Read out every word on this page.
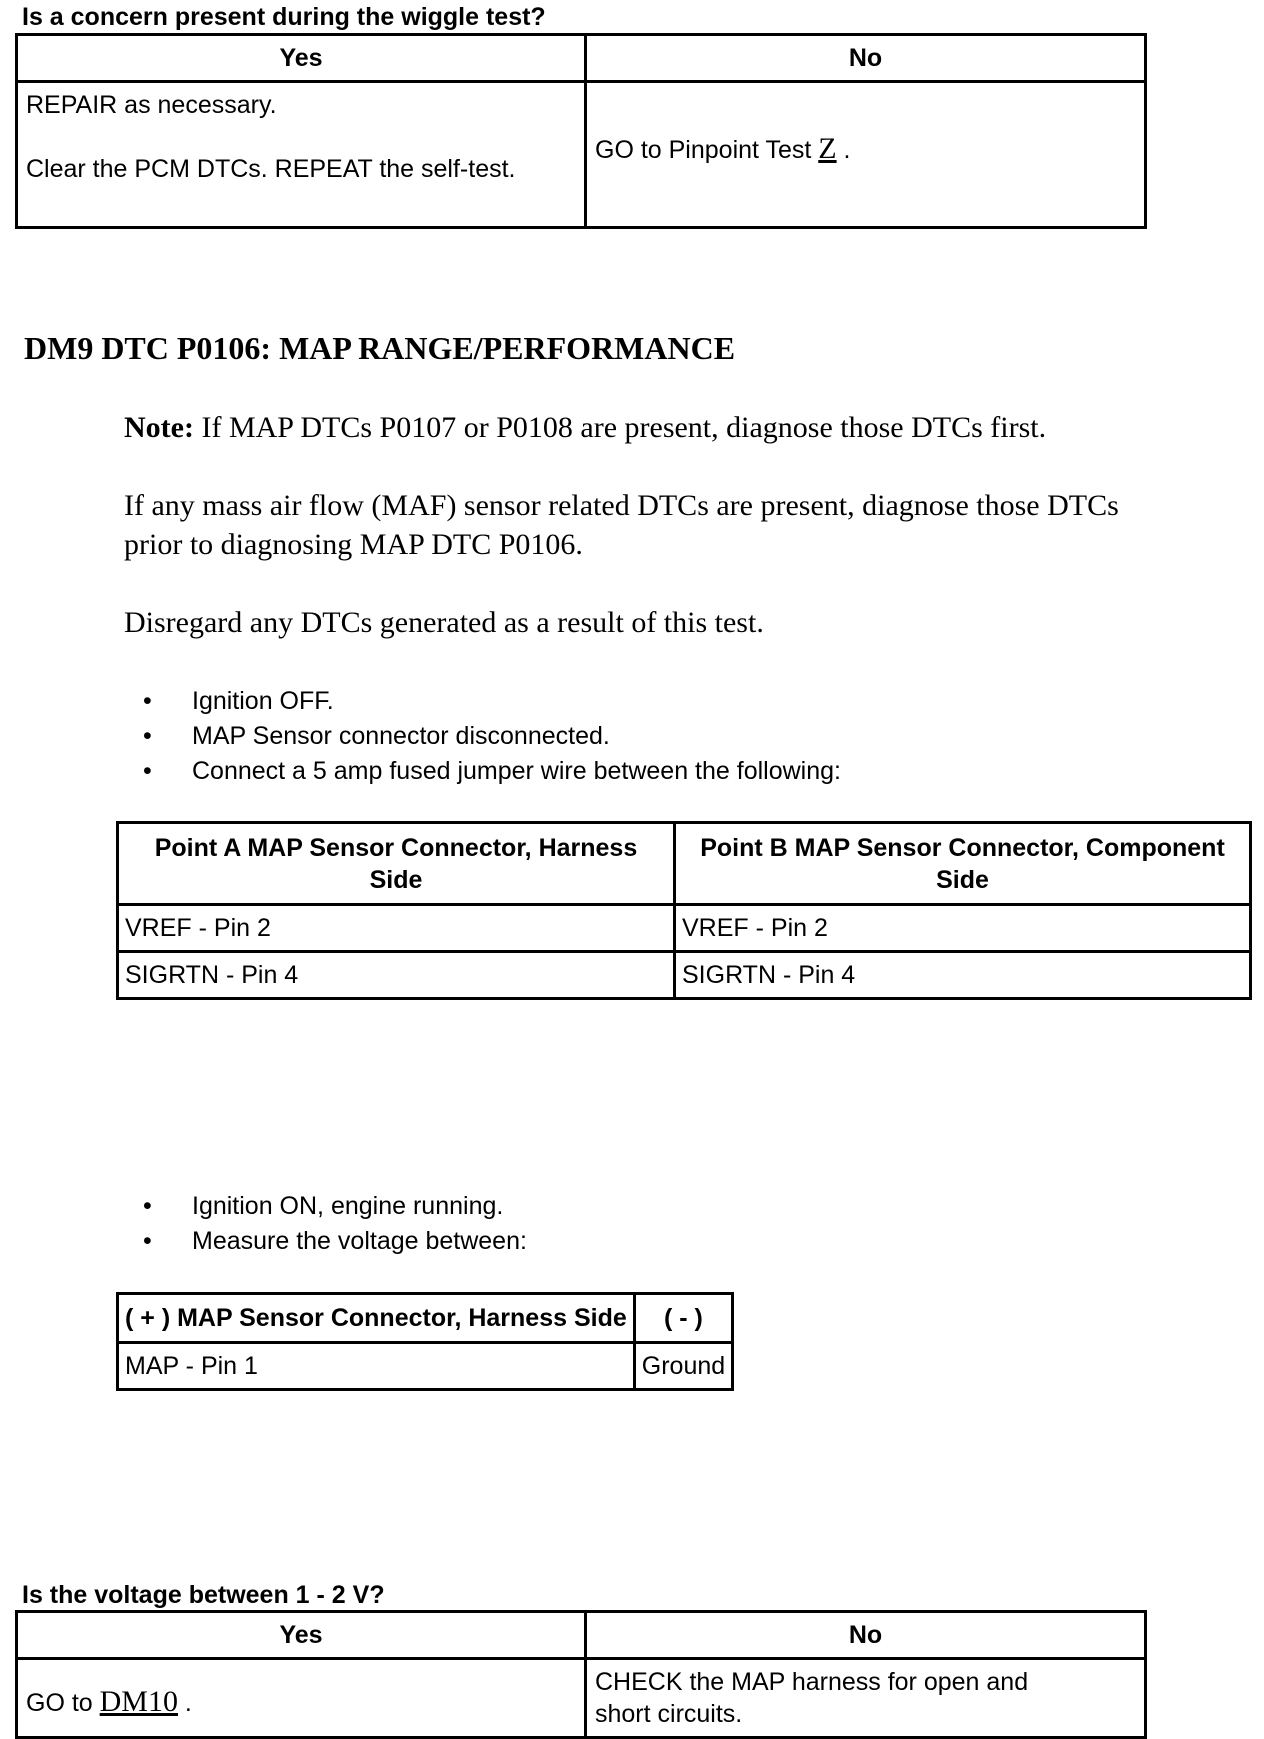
Is a concern present during the wiggle test?
Yes	No

REPAIR as necessary.

Clear the PCM DTCs. REPEAT the self-test.	GO to Pinpoint Test Z .
DM9 DTC P0106: MAP RANGE/PERFORMANCE
Note: If MAP DTCs P0107 or P0108 are present, diagnose those DTCs first.
If any mass air flow (MAF) sensor related DTCs are present, diagnose those DTCs prior to diagnosing MAP DTC P0106.
Disregard any DTCs generated as a result of this test.
• Ignition OFF.
• MAP Sensor connector disconnected.
• Connect a 5 amp fused jumper wire between the following:
Point A MAP Sensor Connector, Harness Side	Point B MAP Sensor Connector, Component Side
VREF - Pin 2	VREF - Pin 2
SIGRTN - Pin 4	SIGRTN - Pin 4
• Ignition ON, engine running.
• Measure the voltage between:
( + ) MAP Sensor Connector, Harness Side	( - )
MAP - Pin 1	Ground
Is the voltage between 1 - 2 V?
Yes	No
GO to DM10 .	CHECK the MAP harness for open and short circuits.
